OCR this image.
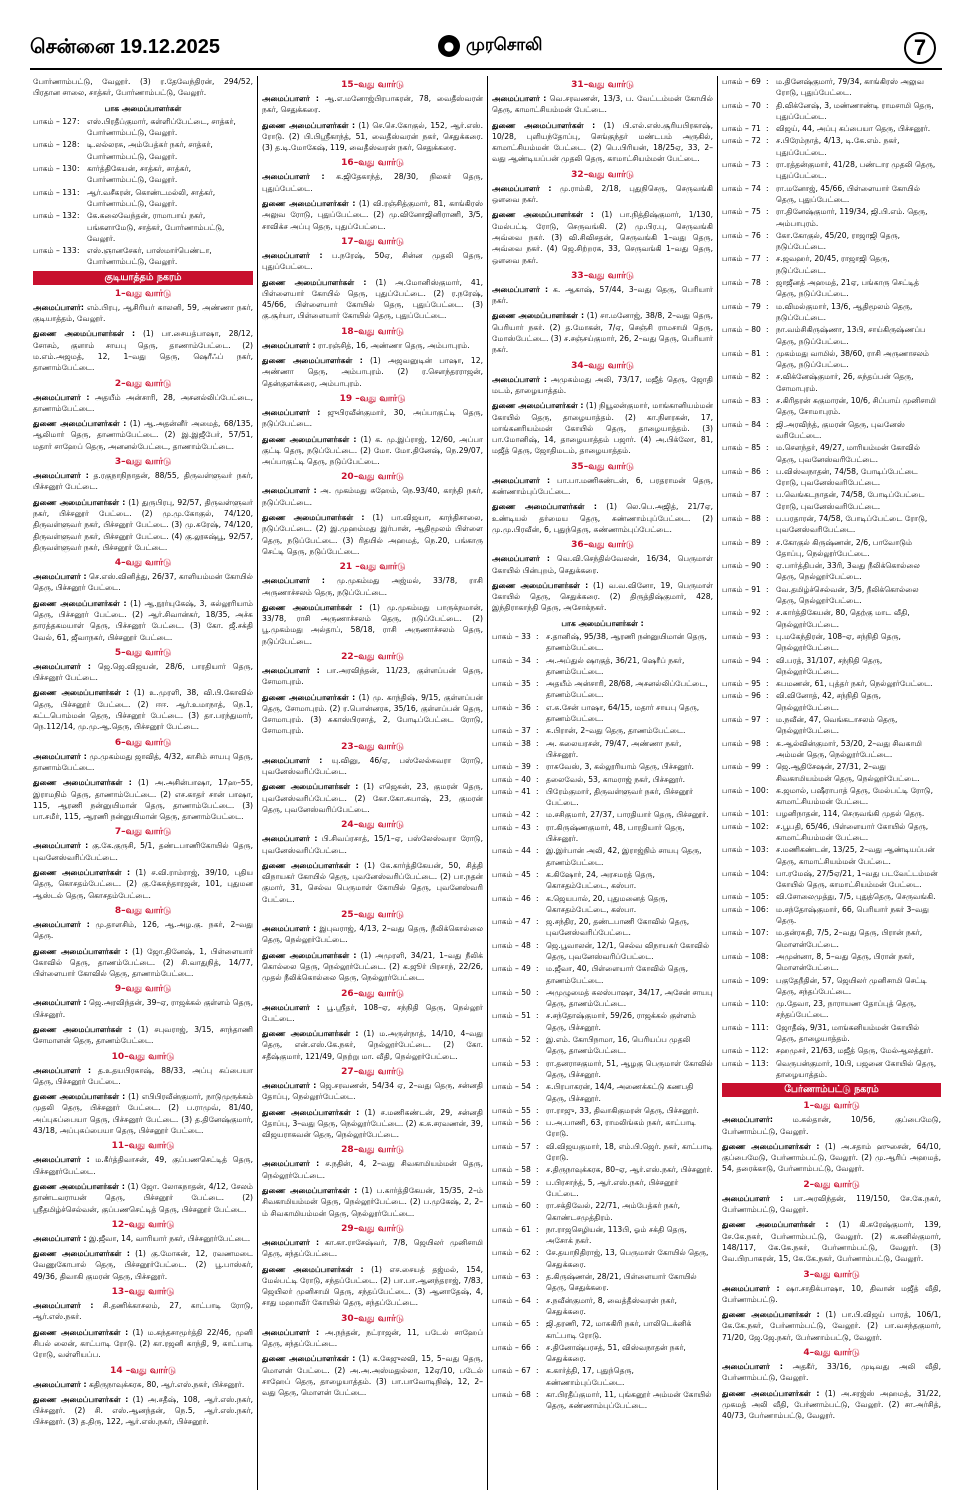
சென்னை 19.12.2025	● முரசொலி	7
போர்ணாம்பட்டு, வேலூர். (3) ர.தேவேந்திரன், 294/52, பிரதான சாலை, சாத்கர், போர்ணாம்பட்டு, வேலூர்.
பாக அமைப்பாளர்கள்
பாகம் – 127 : எஸ்.பிரதீப்குமார், கள்ளிப்பேட்டை, சாத்கர், போர்ணாம்பட்டு, வேலூர்.
பாகம் – 128 : டி.லல்லரசு, அம்பேத்கர் நகர், சாத்கர், போர்ணாம்பட்டு, வேலூர்.
பாகம் – 130 : கார்த்திகேயன், சாத்கர், சாத்கர், போர்ணாம்பட்டு, வேலூர்.
பாகம் – 131 : ஆர்.வசீகரன், கொண்டமல்லி, சாத்கர், போர்ணாம்பட்டு, வேலூர்.
பாகம் – 132 : கே.கலைவேந்தன், ராமாபாய் நகர், பங்களாமேடு, சாத்கர், போர்ணாம்பட்டு, வேலூர்.
பாகம் – 133 : எஸ்.ஞானசேகர், பாஸ்மார்பெண்டா, போர்ணாம்பட்டு, வேலூர்.
குடியாத்தம் நகரம்
1–வது வார்டு
அமைப்பாளர்: எம்.பிரபு, ஆசிரியர் காலனி, 59, அண்ணா நகர், குடியாத்தம், வேலூர்.
துணை அமைப்பாளர்கள் : (1) பா.சையத்பாஷா, 28/12, சோசம், குளாம் சாயபு தெரு, தாணாம்பேட்டை. (2) ம.எம்.அஜமத், 12, 1–வது தெரு, ஷெரீஃப் நகர், தாணாம்பேட்டை.
2–வது வார்டு
அமைப்பாளர் : அதயீம் அன்சாரி, 28, அசனல்லிப்பேட்டை, தாணாம்பேட்டை.
துணை அமைப்பாளர்கள் : (1) ஆ.அதன்னீர் அமைத், 68/135, ஆலிமார் தெரு, தாணாம்பேட்டை. (2) இ.இஜீபேர், 57/51, மதார் சாஹேப் தெரு, அனனல்பேட்டை, தாணாம்பேட்டை.
3–வது வார்டு
அமைப்பாளர் : த.ரகுநாநிநாதன், 88/55, திருவள்ளுவர் நகர், பிச்சனூர் பேட்டை.
துணை அமைப்பாளர்கள் : (1) துருபிரபு, 92/57, திருவள்ளுவர் நகர், பிச்சனூர் பேட்டை. (2) மு.மு.கோகுல், 74/120, திருவள்ளுவர் நகர், பிச்சனூர் பேட்டை. (3) மு.சுரேஷ், 74/120, திருவள்ளுவர் நகர், பிச்சனூர் பேட்டை. (4) கு.லூசுஷ்பூ, 92/57, திருவள்ளுவர் நகர், பிச்சனூர் பேட்டை.
4–வது வார்டு
அமைப்பாளர் : செ.எஸ்.வினித்து, 26/37, காளியம்மன் கோயில் தெரு, பிச்சனூர் பேட்டை.
துணை அமைப்பாளர்கள் : (1) ஆ.நூர்யுகேஷ், 3, கல்லூரியாம் தெரு, பிச்சனூர் பேட்டை. (2) ஆர்.சிவான்கர், 18/35, அச்சு தாரத்தகமயாள் தெரு, பிச்சனூர் பேட்டை. (3) கோ. ஜீ.சக்தி வேல், 61, ஜீவாநகர், பிச்சனூர் பேட்டை.
5–வது வார்டு
அமைப்பாளர் : ஜெ.ஜெ.விஜயன், 28/6, பாரதியார் தெரு, பிச்சனூர் பேட்டை.
துணை அமைப்பாளர்கள் : (1) உ.முரளி, 38, வி.பி.கோவில் தெரு, பிச்சனூர் பேட்டை. (2) ஈஈ. ஆர்.உமாநாத், நெ.1, கட்டபொம்மன் தெரு, பிச்சனூர் பேட்டை. (3) தா.பரந்துமார், நெ.112/14, மு.மு.ஆ.தெரு, பிச்சனூர் பேட்டை.
6–வது வார்டு
அமைப்பாளர் : மு.முகம்மது ஜாவித், 4/32, காசிம் சாயபு தெரு, தாணாம்பேட்டை.
துணை அமைப்பாளர்கள் : (1) அ.அசின்பாஷா, 17ஹ–55, இராமநிம் தெரு, தாணாம்பேட்டை. (2) எச.காதர் சான் பாஷா, 115, ஆரணி நன்னுயிமான் தெரு, தாணாம்பேட்டை. (3) பா.சமீர், 115, ஆரணி நன்னுயிமான் தெரு, தாணாம்பேட்டை.
7–வது வார்டு
அமைப்பாளர் : கு.கே.குருசி, 5/1, தண்டபாணிகோயில் தெரு, புவனேஸ்வரிப்பேட்டை.
துணை அமைப்பாளர்கள் : (1) ச.வி.ராம்ராஜ், 39/10, புதிய தெரு, கொசதம்பேட்டை. (2) கு.கேசுந்தாரஜன், 101, புதுமன ஆஸ்டல் தெரு, கொசதம்பேட்டை.
8–வது வார்டு
அமைப்பாளர் : மு.தாளசிம், 126, ஆ.அழ.கு. நகர், 2–வது தெரு.
துணை அமைப்பாளர்கள் : (1) ஜோ.தினேஷ், 1, பிள்ளையார் கோவில் தெரு, தாணம்பேட்டை. (2) சி.வாதுநித், 14/77, பிள்ளையார் கோவில் தெரு, தாணாம்பேட்டை.
9–வது வார்டு
அமைப்பாளர் : ஜெ.அரவிந்தன், 39–ஏ, ராஜக்கல் குள்ளம் தெரு, பிச்சனூர்.
துணை அமைப்பாளர்கள் : (1) சபுவராஜ், 3/15, சாந்தாணி சோமாளன் தெரு, தாணம்பேட்டை.
10–வது வார்டு
அமைப்பாளர் : த.உதயபிரகாஷ், 88/33, அப்பு சுப்பையா தெரு, பிச்சனூர் பேட்டை.
துணை அமைப்பாளர்கள் : (1) எபிபிரவீன்குமார், நாடுமுருக்கம் முதலி தெரு, பிச்சனூர் பேட்டை. (2) ப.ராமுவ், 81/40, அப்புசுப்பையா தெரு, பிச்சனூர் பேட்டை. (3) த.தினேஷ்குமார், 43/18, அப்புசுப்பையா தெரு, பிச்சனூர் பேட்டை.
11–வது வார்டு
அமைப்பாளர் : ம.கீர்த்திவாசன், 49, குப்பணசெட்டித் தெரு, பிச்சனூர்பேட்டை.
துணை அமைப்பாளர்கள் : (1) ஜோ. லோகநாதன், 4/12, சேலம் தாண்டவராயன் தெரு, பிச்சனூர் பேட்டை. (2) ஸ்ரீதமிழ்ச்செல்வன், குப்பணசெட்டித் தெரு, பிச்சனூர் பேட்டை.
12–வது வார்டு
அமைப்பாளர் : இ.ஜீவா, 14, வாரியார் நகர், பிச்சனூர்பேட்டை.
துணை அமைப்பாளர்கள் : (1) கு.மோகன், 12, ரவணமடை வேணுகோபால் தெரு, பிச்சனூர்பேட்டை. (2) பூ.பாஸ்கர், 49/36, திவாகி குமரன் தெரு, பிச்சனூர்.
13–வது வார்டு
அமைப்பாளர் : சி.தணிக்காசலம், 27, காட்பாடி ரோடு, ஆர்.எஸ்.நகர்.
துணை அமைப்பாளர்கள் : (1) ம.கந்தசாமூர்த்தி 22/46, முனி சிபல் லைன், காட்பாடி ரோடு. (2) கா.ரஜனி காந்தி, 9, காட்பாடி ரோடு, வள்ளியப்ப.
14 –வது வார்டு
அமைப்பாளர் : கதிருநாவுக்கரசு, 80, ஆர்.எஸ்.நகர், பிச்சனூர்.
துணை அமைப்பாளர்கள் : (1) அ.சதீஷ், 108, ஆர்.எஸ்.நகர், பிச்சனூர். (2) சி. எஸ்.ஆனந்தன், நெ.5, ஆர்.எஸ்.நகர், பிச்சனூர். (3) த.திரு, 122, ஆர்.எஸ்.நகர், பிச்சனூர்.
15–வது வார்டு
அமைப்பாளர் : ஆ.எ.மனோஜ்பிரபாகரன், 78, வைதீஸ்வரன் நகர், செதுக்கரை.
துணை அமைப்பாளர்கள் : (1) செ.செ.கோகுல், 152, ஆர்.எஸ். ரோடு. (2) பி.பிஸ்ரீகாந்த், 51, வைதீஸ்வரன் நகர், செதுக்கரை. (3) த.டி.மோகேஷ், 119, வைதீஸ்வரன் நகர், செதுக்கரை.
16–வது வார்டு
அமைப்பாளர் : க.ஜிதேகாந்த், 28/30, நிலகர் தெரு, புதுப்பேட்டை.
துணை அமைப்பாளர்கள் : (1) வி.ரஞ்சித்குமார், 81, காங்கிரஸ் அலுவ ரோடு, புதுப்பேட்டை. (2) மு.வினோஜினிராணி, 3/5, சாவிக்ச அப்பு தெரு, புதுப்பேட்டை.
17–வது வார்டு
அமைப்பாளர் : ப.நரேஷ், 50ஏ, சின்ன முதலி தெரு, புதுப்பேட்டை.
துணை அமைப்பாளர்கள் : (1) அ.மோனிஸ்குமார், 41, பிள்ளையார் கோயில் தெரு, புதுப்பேட்டை. (2) ர.நரேஷ், 45/66, பிள்ளையார் கோயில் தெரு, புதுப்பேட்டை. (3) கு.சூர்யா, பிள்ளையார் கோயில் தெரு, புதுப்பேட்டை.
18–வது வார்டு
அமைப்பாளர் : ரா.ரஞ்சித், 16, அண்ணா தெரு, அம்பாபுரம்.
துணை அமைப்பாளர்கள் : (1) அஜவனுடின் பாஷா, 12, அண்ணா தெரு, அம்பாபுரம். (2) ர.சௌந்தரராஜன், தென்குளக்கரை, அம்பாபுரம்.
19 –வது வார்டு
அமைப்பாளர் : ஜுபிரவீன்குமார், 30, அப்பாகுட்டி தெரு, நடுப்பேட்டை.
துணை அமைப்பாளர்கள் : (1) க. மு.இப்ராஜ், 12/60, அப்பா குட்டி தெரு, நடுப்பேட்டை. (2) மோ. மோ.தினேஷ், நெ.29/07, அப்பாகுட்டி தெரு, நடுப்பேட்டை.
20–வது வார்டு
அமைப்பாளர் : அ. முகம்மது சுஹேம், நெ.93/40, காந்தி நகர், நடுப்பேட்டை.
துணை அமைப்பாளர்கள் : (1) பா.விஜயா, காந்திசாலை, நடுப்பேட்டை. (2) இ.முஹம்மது இர்பான், ஆதிமூலம் பிள்ளை தெரு, நடுப்பேட்டை. (3) ரிதயில் அஹமத், நெ.20, பங்காரு செட்டி தெரு, நடுப்பேட்டை.
21 –வது வார்டு
அமைப்பாளர் : மு.முகம்மது அஜ்மல், 33/78, ராசி அருணாச்சலம் தெரு, நடுப்பேட்டை.
துணை அமைப்பாளர்கள் : (1) மு.முகம்மது பாருக்நமான், 33/78, ராசி அருணாச்சலம் தெரு, நடுப்பேட்டை. (2) பூ.முகம்மது அல்தாப், 58/18, ராசி அருணாச்சலம் தெரு, நடுப்பேட்டை.
22–வது வார்டு
அமைப்பாளர் : பா.அரவிந்தன், 11/23, குள்ளப்பன் தெரு, சோமாபுரம்.
துணை அமைப்பாளர்கள் : (1) மு. காந்திஷ், 9/15, குள்ளப்பன் தெரு, சோமாபுரம். (2) ர.பொன்னரசு, 35/16, குள்ளப்பன் தெரு, சோமாபுரம். (3) சுகாஸ்பிரசாத், 2, போடிப்பேட்டை ரோடு, சோமாபுரம்.
23–வது வார்டு
அமைப்பாளர் : யு.வினு, 46/ஏ, பஸ்லேல்சுவரா ரோடு, புவனேஸ்வரிப்பேட்டை.
துணை அமைப்பாளர்கள் : (1) எஜெகன், 23, குமரன் தெரு, புவனேஸ்வரிப்பேட்டை. (2) கோ.கோ.சுபாஷ், 23, குமரன் தெரு, புவனேஸ்வரிப்பேட்டை.
24–வது வார்டு
அமைப்பாளர் : பி.சிவப்ரசாத், 15/1–ஏ, பஸ்லேஸ்வரா ரோடு, புவனேஸ்வரிப்பேட்டை.
துணை அமைப்பாளர்கள் : (1) கே.கார்த்திகேயன், 50, சித்தி விநாயகர் கோயில் தெரு, புவனேஸ்வரிப்பேட்டை. (2) பா.நதன் குமார், 31, செல்வ பெருமாள் கோயில் தெரு, புவனேஸ்வரி பேட்டை.
25–வது வார்டு
அமைப்பாளர் : இபுவராஜ், 4/13, 2–வது தெரு, நீலிக்கொல்லை தெரு, நெல்லூர்பேட்டை.
துணை அமைப்பாளர்கள் : (1) அமுரளி, 34/21, 1–வது நீலிக் கொல்லை தெரு, நெல்லூர்பேட்டை. (2) க.ஜூர் பிரசாந், 22/26, முதல் நீலிக்கொல்லை தெரு, நெல்லூர்பேட்டை.
26–வது வார்டு
அமைப்பாளர் : பூ.ஸ்ரீதர், 108–ஏ, சந்நிதி தெரு, நெல்லூர் பேட்டை.
துணை அமைப்பாளர்கள் : (1) ம.அருள்நாத், 14/10, 4–வது தெரு, என்.எஸ்.கே.நகர், நெல்லூர்பேட்டை. (2) கோ. சதீஷ்குமார், 121/49, நெற்று மா. வீதி, நெல்லூர்பேட்டை.
27–வது வார்டு
அமைப்பாளர் : ஜெ.சரவணன், 54/34 ஏ, 2–வது தெரு, சன்னதி தோப்பு, நெல்லூர்பேட்டை.
துணை அமைப்பாளர்கள் : (1) ச.மணிகண்டன், 29, சன்னதி தோப்பு, 3–வது தெரு, நெல்லூர்பேட்டை. (2) க.சு.சரவணன், 39, விஜயராகவன் தெரு, நெல்லூர்பேட்டை.
28–வது வார்டு
அமைப்பாளர் : ச.நதின், 4, 2–வது சிவகாமியம்மன் தெரு, நெல்லூர்பேட்டை.
துணை அமைப்பாளர்கள் : (1) ப.கார்த்திகேயன், 15/35, 2–ம் சிவகாமியம்மன் தெரு, நெல்லூர்பேட்டை. (2) ப.முகேஷ், 2, 2–ம் சிவகாமியம்மன் தெரு, நெல்லூர்பேட்டை.
29–வது வார்டு
அமைப்பாளர் : கா.கா.ராசேஷ்வர், 7/8, ஜெயிலர் முனிசாமி தெரு, சந்தப்பேட்டை.
துணை அமைப்பாளர்கள் : (1) எச.சையத் தஜ்மல், 154, மேல்பட்டி ரோடு, சந்தப்பேட்டை. (2) பா.பா.ஆனந்தராஜ், 7/83, ஜெயிலர் முனிசாமி தெரு, சந்தப்பேட்டை. (3) ஆனாதேஷ், 4, சாது மஹாவீர் கோயில் தெரு, சந்தப்பேட்டை.
30–வது வார்டு
அமைப்பாளர் : அ.நந்தன், நட்ராஜன், 11, படேல் சாஹேப் தெரு, சந்தப்பேட்டை.
துணை அமைப்பாளர்கள் : (1) க.கேஜுலவி, 15, 5–வது தெரு, மொளன் பேட்டை. (2) அ.அ.அஸ்மதுல்லா, 12ஏ/10, படேல் சாஹேப் தெரு, தாழையாத்தம். (3) பா.பாவோடிநிஷ், 12, 2–வது தெரு, மொளன் பேட்டை.
31–வது வார்டு
அமைப்பாளர் : வெ.சரவணன், 13/3, ப. வேட்டம்மன் கோயில் தெரு, காமாட்சியம்மன் பேட்டை.
துணை அமைப்பாளர்கள் : (1) பி.எல்.எஸ்.சூரியபிரகாஷ், 10/28, புளியந்தோப்பு, செங்குந்தர் மண்டபம் அருகில், காமாட்சியம்மன் பேட்டை. (2) பெ.பிரியன், 18/25ஏ, 33, 2–வது ஆண்டியப்பன் முதலி தெரு, காமாட்சியம்மன் பேட்டை.
32–வது வார்டு
அமைப்பாளர் : மு.ராம்கி, 2/18, புதுநிசெரு, செருவங்கி ஒளவை நகர்.
துணை அமைப்பாளர்கள் : (1) பா.நித்திஷ்குமார், 1/130, மேல்பட்டி ரோடு, செருவங்கி. (2) மு.பிர.பு, செருவங்கி அவ்வை நகர். (3) வி.சிவிசதன், செருவங்கி 1–வது தெரு, அவ்வை நகர். (4) ஜெ.சிற்றரசு, 33, செருவங்கி 1–வது தெரு, ஒளவை நகர்.
33–வது வார்டு
அமைப்பாளர் : க. ஆகாஷ், 57/44, 3–வது தெரு, பெரியார் நகர்.
துணை அமைப்பாளர்கள் : (1) சா.மனோஜ், 38/8, 2–வது தெரு, பெரியார் நகர். (2) த.மோகன், 7/ஏ, செஞ்சி ராமசாமி தெரு, மோஸ்பேட்டை. (3) ச.சஞ்சய்குமார், 26, 2–வது தெரு, பெரியார் நகர்.
34–வது வார்டு
அமைப்பாளர் : அமுகம்மது அலி, 73/17, மஜீத் தெரு, ஜோதி மடம், தாழையாத்தம்.
துணை அமைப்பாளர்கள் : (1) நியூலன்குமார், மாங்கானியம்மன் கோயில் தெரு, தாழையாத்தம். (2) கா.நிளரகன், 17, மாங்கனரியம்மன் கோயில் தெரு, தாழையாத்தம். (3) பா.மோனிஷ், 14, தாழையாத்தம் பஜார். (4) அ.பிக்லோ, 81, மஜீத் தெரு, ஜோதிமடம், தாழையாத்தம்.
35–வது வார்டு
அமைப்பாளர் : பா.பா.மணிகண்டன், 6, பரதராமன் தெரு, சுண்ணாம்புப்பேட்டை.
துணை அமைப்பாளர்கள் : (1) லெ.பெ.அஜித், 21/7ஏ, உண்டியல் தர்மைய தெரு, சுண்ணாம்புப்பேட்டை. (2) மு.மு.பிரவீன், 6, புதுந்தெரு, சுண்ணாம்புப்பேட்டை.
36–வது வார்டு
அமைப்பாளர் : வெ.வி.செந்தில்வேலன், 16/34, பெருமாள் கோயில் பின்புறம், செதுக்கரை.
துணை அமைப்பாளர்கள் : (1) வ.வ.வினோ, 19, பெருமாள் கோயில் தெரு, செதுக்கரை. (2) திருத்திஷ்குமார், 428, இந்திராகாந்தி தெரு, அசோக்நகர்.
பாக அமைப்பாளர்கள் :
பாகம் – 33 : ச.தானிஷ், 95/38, ஆரணி நன்னுயிமான் தெரு, தாணம்பேட்டை.
பாகம் – 34 : அ.அப்துல் ஷாகுத், 36/21, ஷெரீப் நகர், தாணம்பேட்டை.
பாகம் – 35 : அதயீம் அன்சாரி, 28/68, அசனல்லிப்பேட்டை, தாணம்பேட்டை.
பாகம் – 36 : எ.சு.சேன் பாஷா, 64/15, மதார் சாயபு தெரு, தாணம்பேட்டை.
பாகம் – 37 : சு.பிரான், 2–வது தெரு, தாணம்பேட்டை.
பாகம் – 38 : அ. கலையரசன், 79/47, அண்ணா நகர், பிச்சனூர்.
பாகம் – 39 : ராசுவேஸ், 3, கல்லூரியாம் தெரு, பிச்சனூர்.
பாகம் – 40 : தலைவேல், 53, காமராஜ் நகர், பிச்சனூர்.
பாகம் – 41 : பிரேம்குமார், திருவள்ளுவர் நகர், பிச்சனூர் பேட்டை.
பாகம் – 42 : ம.சசிகுமார், 27/37, பாரதியார் தெரு, பிச்சனூர்.
பாகம் – 43 : ரா.கிருஷ்ணகுமார், 48, பாரதியார் தெரு, பிச்சனூர்.
பாகம் – 44 : இ.இர்பான் அலி, 42, இராஜ்நிம் சாயபு தெரு, தாணம்பேட்டை.
பாகம் – 45 : க.கிஷோர், 24, அரசமரத் தெரு, கொசதம்பேட்டை, கஸ்பா.
பாகம் – 46 : க.ஜெயபால், 20, புதுமனைத் தெரு, கொசதம்பேட்டை, கஸ்பா.
பாகம் – 47 : ஜ.சந்திர, 20, தண்டபாணி கோவில் தெரு, புவனேஸ்வரிப்பேட்டை.
பாகம் – 48 : ஜெ.பூவாலன், 12/1, செல்வ விநாயகர் கோவில் தெரு, புவனேஸ்வரிப்பேட்டை.
பாகம் – 49 : ம.ஜீவா, 40, பிள்ளையார் கோவில் தெரு, தாணம்பேட்டை.
பாகம் – 50 : அமுழுமைத் சுலஸ்பாஷா, 34/17, அசேன் சாயபு தெரு, தாணம்பேட்டை.
பாகம் – 51 : ச.சந்தோஷ்குமார், 59/26, ராஜக்கல் குள்ளம் தெரு, பிச்சனூர்.
பாகம் – 52 : இ.எம். கோபிநாமா, 16, பெரியப்ப முதலி தெரு, தாணம்பேட்டை.
பாகம் – 53 : ரா.தனராசகுமார், 51, ஆழகு பெருமாள் கோவில் தெரு, பிச்சனூர்.
பாகம் – 54 : சு.பிரபாகரன், 14/4, அணைக்கட்டு கணபதி தெரு, பிச்சனூர்.
பாகம் – 55 : ரா.ராஜு, 33, திவாகிகுமரன் தெரு, பிச்சனூர்.
பாகம் – 56 : ப.அ.பாணி, 63, ராமலிங்கம் நகர், காட்பாடி ரோடு.
பாகம் – 57 : வி.விஜயகுமார், 18, எம்.பி.ஜெர். நகர், காட்பாடி ரோடு.
பாகம் – 58 : ச.திருநாவுக்கரசு, 80–ஏ, ஆர்.எஸ்.நகர், பிச்சனூர்.
பாகம் – 59 : ப.பிரசாந்த், 5, ஆர்.எஸ்.நகர், பிச்சனூர் பேட்டை.
பாகம் – 60 : ரா.சக்திவேல், 22/71, அம்பேத்கர் நகர், கொண்டசமுத்திரம்.
பாகம் – 61 : நா.ராஜசெழியன், 113பி, ஓம் சக்தி தெரு, அசோக் நகர்.
பாகம் – 62 : சே.தயாநிதிராஜ், 13, பெருமாள் கோயில் தெரு, செதுக்கரை.
பாகம் – 63 : த.கிருஷ்ணன், 28/21, பிள்ளையார் கோயில் தெரு, செதுக்கரை.
பாகம் – 64 : ச.நவீன்குமார், 8, வைத்தீஸ்வரன் நகர், செதுக்கரை.
பாகம் – 65 : ஜி.தரணி, 72, மாசுகிரி நகர், பாலிடெக்னிக் காட்பாடி ரோடு.
பாகம் – 66 : ச.தினோஷ்பரசத், 51, விஸ்வநாதன் நகர், செதுக்கரை.
பாகம் – 67 : க.கார்த்தி, 17, புதுந்தெரு, சுண்ணாம்புப்பேட்டை.
பாகம் – 68 : கா.பிரதீப்குமார், 11, புங்கனூர் அம்மன் கோயில் தெரு, சுண்ணாம்புப்பேட்டை.
பாகம் – 69 : ம.தினேஷ்குமார், 79/34, காங்கிரஸ் அலுவ ரோடு, புதுப்பேட்டை.
பாகம் – 70 : தி.விக்னேஷ், 3, மண்ணாண்டி ராமசாமி தெரு, புதுப்பேட்டை.
பாகம் – 71 : விஜய், 44, அப்பு சுப்பையா தெரு, பிச்சனூர்.
பாகம் – 72 : ச.பிரேம்நாத், 4/13, டி.கே.எம். நகர், புதுப்பேட்டை.
பாகம் – 73 : ரா.ரத்தன்குமார், 41/28, பண்டார முதலி தெரு, புதுப்பேட்டை.
பாகம் – 74 : ரா.மனோஜ், 45/66, பிள்ளையார் கோயில் தெரு, புதுப்பேட்டை.
பாகம் – 75 : ரா.தினேஷ்குமார், 119/34, ஜி.பி.எம். தெரு, அம்பாபுரம்.
பாகம் – 76 : கோ.கோகுல், 45/20, ராஜாஜி தெரு, நடுப்பேட்டை.
பாகம் – 77 : ச.ஜவஹர், 20/45, ராஜாஜி தெரு, நடுப்பேட்டை.
பாகம் – 78 : ஜாஜீனத் அஹமத், 21ஏ, பங்காரு செட்டித் தெரு, நடுப்பேட்டை.
பாகம் – 79 : ம.விமல்குமார், 13/6, ஆதிமூலம் தெரு, நடுப்பேட்டை.
பாகம் – 80 : நா.வம்சிகிருஷ்ணா, 13பி, சாய்கிருஷ்ணப்ப தெரு, நடுப்பேட்டை.
பாகம் – 81 : முகம்மது வாமில், 38/60, ராசி அருணாசலம் தெரு, நடுப்பேட்டை.
பாகம் – 82 : ச.விக்னேஷ்குமார், 26, சுந்தப்பன் தெரு, சோமாபுரம்.
பாகம் – 83 : ச.கிரிதரன் சுகுமாரன், 10/6, சிப்பாய் முனிசாமி தெரு, சோமாபுரம்.
பாகம் – 84 : ஜி.அரவிந்த், குமரன் தெரு, புவனேஸ் வரிபேட்டை.
பாகம் – 85 : ம.சௌந்தர், 49/27, மாரியம்மன் கோவில் தெரு, புவனேஸ்வரிபேட்டை.
பாகம் – 86 : ப.விஸ்வநாதன், 74/58, போடிப்பேட்டை ரோடு, புவனேஸ்வரிபேட்டை.
பாகம் – 87 : ப.வெங்கடநாதன், 74/58, போடிப்பேட்டை ரோடு, புவனேஸ்வரிபேட்டை.
பாகம் – 88 : ப.பரதாரன், 74/58, போடிப்பேட்டை ரோடு, புவனேஸ்வரிபேட்டை.
பாகம் – 89 : ச.கோகுல் கிருஷ்ணன், 2/6, பாவோடும் தோப்பு, நெல்லூர்பேட்டை.
பாகம் – 90 : ஏ.பார்த்திபன், 33ரி, 3வது நீலிக்கொல்லை தெரு, நெல்லூர்பேட்டை.
பாகம் – 91 : வே.தமிழ்ச்செல்வன், 3/5, நீலிக்கொல்லை தெரு, நெல்லூர்பேட்டை.
பாகம் – 92 : ச.கார்த்திகேயன், 80, தெற்கு மாட வீதி, நெல்லூர்பேட்டை.
பாகம் – 93 : பு.மகேந்திரன், 108–ஏ, சந்நிதி தெரு, நெல்லூர்பேட்டை.
பாகம் – 94 : வி.பரத், 31/107, சந்நிதி தெரு, நெல்லூர்பேட்டை.
பாகம் – 95 : சுபமணன், 61, புத்தர் நகர், நெல்லூர்பேட்டை.
பாகம் – 96 : வி.வினோத், 42, சந்நிதி தெரு, நெல்லூர்பேட்டை.
பாகம் – 97 : ம.நவீன், 47, வெங்கடாசலம் தெரு, நெல்லூர்பேட்டை.
பாகம் – 98 : சு.ஆல்வின்குமார், 53/20, 2–வது சிவகாமி அம்மன் தெரு, நெல்லூர்பேட்டை.
பாகம் – 99 : ஜெ.ஆதிசேஷன், 27/31, 2–வது சிவகாமியம்மன் தெரு, நெல்லூர்பேட்டை.
பாகம் – 100 : சு.ஜமால், பஷீராபாத் தெரு, மேல்பட்டி ரோடு, காமாட்சியம்மன் பேட்டை.
பாகம் – 101 : பழனிநாதன், 114, செருவங்கி முதல் தெரு.
பாகம் – 102 : ச.பூபதி, 65/46, பிள்ளையார் கோயில் தெரு, காமாட்சியம்மன் பேட்டை.
பாகம் – 103 : ச.மணிகண்டன், 13/25, 2–வது ஆண்டியப்பன் தெரு, காமாட்சியம்மன் பேட்டை.
பாகம் – 104 : பா.ரமேஷ், 27/5ஏ/21, 1–வது படவேட்டம்மன் கோயில் தெரு, காமாட்சியம்மன் பேட்டை.
பாகம் – 105 : வி.சோலைமுத்து, 7/5, புதுத்தெரு, செருவங்கி.
பாகம் – 106 : ம.சந்தோஷ்குமார், 66, பெரியார் நகர் 3–வது தெரு.
பாகம் – 107 : ம.தன்ரசுதி, 7/5, 2–வது தெரு, பிரான் நகர், மொளன்பேட்டை.
பாகம் – 108 : அமுன்னா, 8, 5–வது தெரு, பிரான் நகர், மொளன்பேட்டை.
பாகம் – 109 : பகுதேநீதின், 57, ஜெயிலர் முனிசாமி செட்டி தெரு, சந்தப்பேட்டை.
பாகம் – 110 : மு.தேவா, 23, நாராயண தோப்புத் தெரு, சந்தப்பேட்டை.
பாகம் – 111 : ஜோதீஷ், 9/31, மாங்கனியம்மன் கோயில் தெரு, தாழையாத்தம்.
பாகம் – 112 : சஹமுசர், 21/63, மஜீத் தெரு, மேல்ஆலத்தூர்.
பாகம் – 113 : வெருபன்குமார், 10பி, பஜனை கோயில் தெரு, தாழையாத்தம்.
பேர்ணாம்பட்டு நகரம்
1–வது வார்டு
அமைப்பாளர்:	ம.கல்தான், 10/56, குப்பைமேடு, பேர்ணாம்பட்டு, வேலூர்.
துணை அமைப்பாளர்கள் : (1) அ.சதாம் ஹுசைன், 64/10, குப்பைமேடு, பேர்ணாம்பட்டு, வேலூர். (2) மு.ஆரிப் அஹமத், 54, தரைக்காடு, பேர்ணாம்பட்டு, வேலூர்.
2–வது வார்டு
அமைப்பாளர் : பா.அரவிந்தன், 119/150, சே.கே.நகர், பேர்ணாம்பட்டு, வேலூர்.
துணை அமைப்பாளர்கள் : (1) கி.சுரேஷ்குமார், 139, சே.கே.நகர், பேர்ணாம்பட்டு, வேலூர். (2) க.சுனில்குமார், 148/117, கே.கே.நகர், பேர்ணாம்பட்டு, வேலூர். (3) வே.பிரபாகரன், 15, கே.கே.நகர், பேர்ணாம்பட்டு, வேலூர்.
3–வது வார்டு
அமைப்பாளர் : ஷா.சாதிக்பாஷா, 10, திவான் மஜீத் வீதி, பேர்ணாம்பட்டு.
துணை அமைப்பாளர்கள் : (1) பா.பி.விஜய் பாரத், 106/1, கே.கே.நகர், பேர்ணாம்பட்டு, வேலூர். (2) பா.வசந்தகுமார், 71/20, ஜே.ஜே.நகர், பேர்ணாம்பட்டு, வேலூர்.
4–வது வார்டு
அமைப்பாளர் : அதகீர், 33/16, முடிவது அலி வீதி, பேர்ணாம்பட்டு, வேலூர்.
துணை அமைப்பாளர்கள் : (1) அ.சரஜ்ஸ் அஹமத், 31/22, முகமத் அலி வீதி, பேர்ணாம்பட்டு, வேலூர். (2) சா.அர்சித், 40/73, பேர்ணாம்பட்டு, வேலூர்.
